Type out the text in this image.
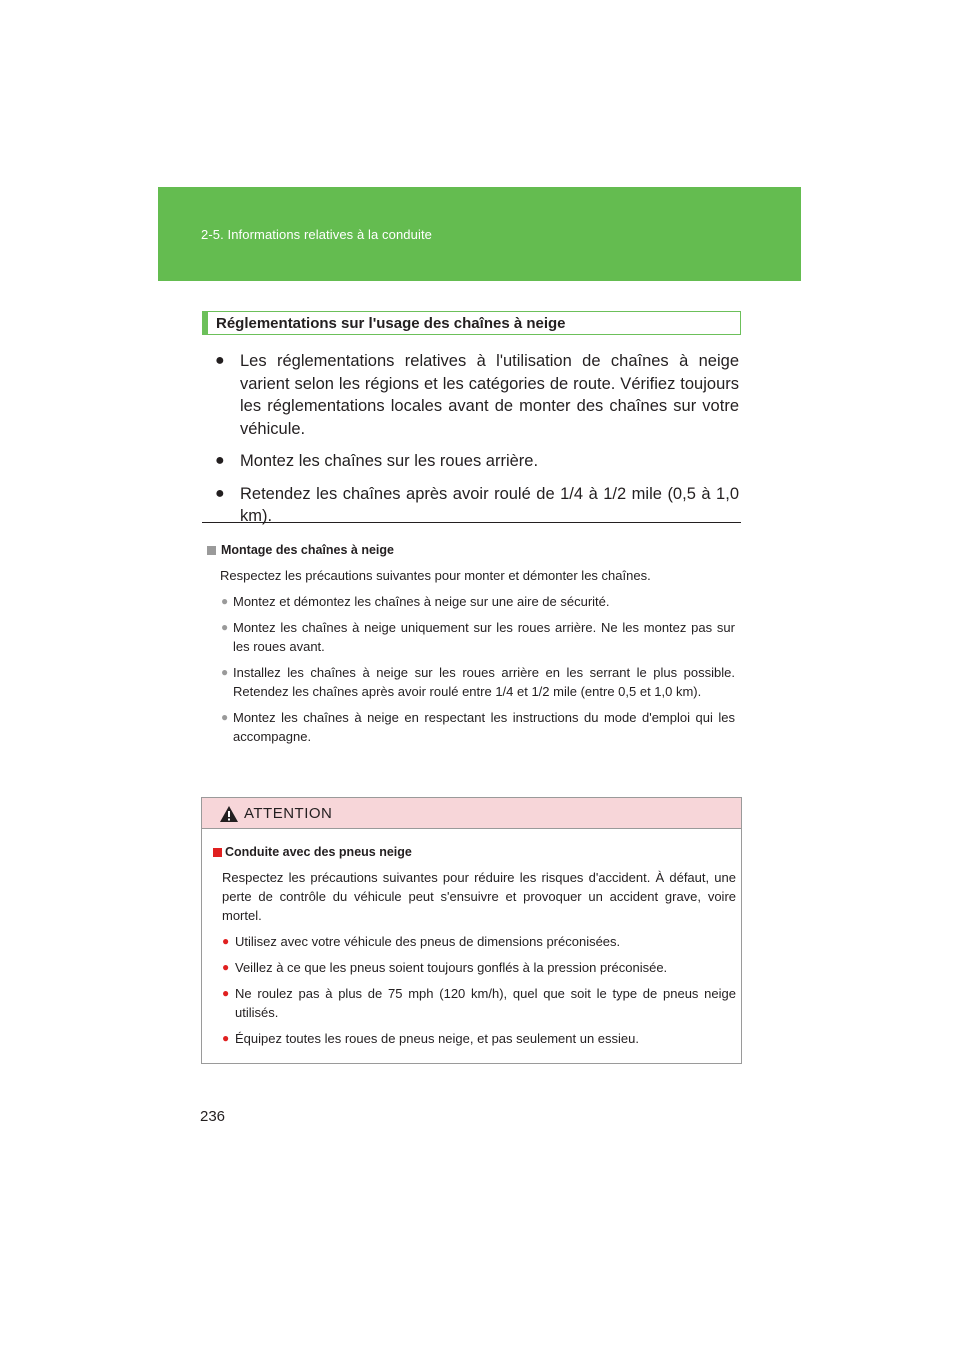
2-5. Informations relatives à la conduite
Réglementations sur l'usage des chaînes à neige
● Les réglementations relatives à l'utilisation de chaînes à neige varient selon les régions et les catégories de route. Vérifiez toujours les réglementations locales avant de monter des chaînes sur votre véhicule.
● Montez les chaînes sur les roues arrière.
● Retendez les chaînes après avoir roulé de 1/4 à 1/2 mile (0,5 à 1,0 km).
Montage des chaînes à neige
Respectez les précautions suivantes pour monter et démonter les chaînes.
● Montez et démontez les chaînes à neige sur une aire de sécurité.
● Montez les chaînes à neige uniquement sur les roues arrière. Ne les montez pas sur les roues avant.
● Installez les chaînes à neige sur les roues arrière en les serrant le plus possible. Retendez les chaînes après avoir roulé entre 1/4 et 1/2 mile (entre 0,5 et 1,0 km).
● Montez les chaînes à neige en respectant les instructions du mode d'emploi qui les accompagne.
ATTENTION
Conduite avec des pneus neige
Respectez les précautions suivantes pour réduire les risques d'accident. À défaut, une perte de contrôle du véhicule peut s'ensuivre et provoquer un accident grave, voire mortel.
● Utilisez avec votre véhicule des pneus de dimensions préconisées.
● Veillez à ce que les pneus soient toujours gonflés à la pression préconisée.
● Ne roulez pas à plus de 75 mph (120 km/h), quel que soit le type de pneus neige utilisés.
● Équipez toutes les roues de pneus neige, et pas seulement un essieu.
236
